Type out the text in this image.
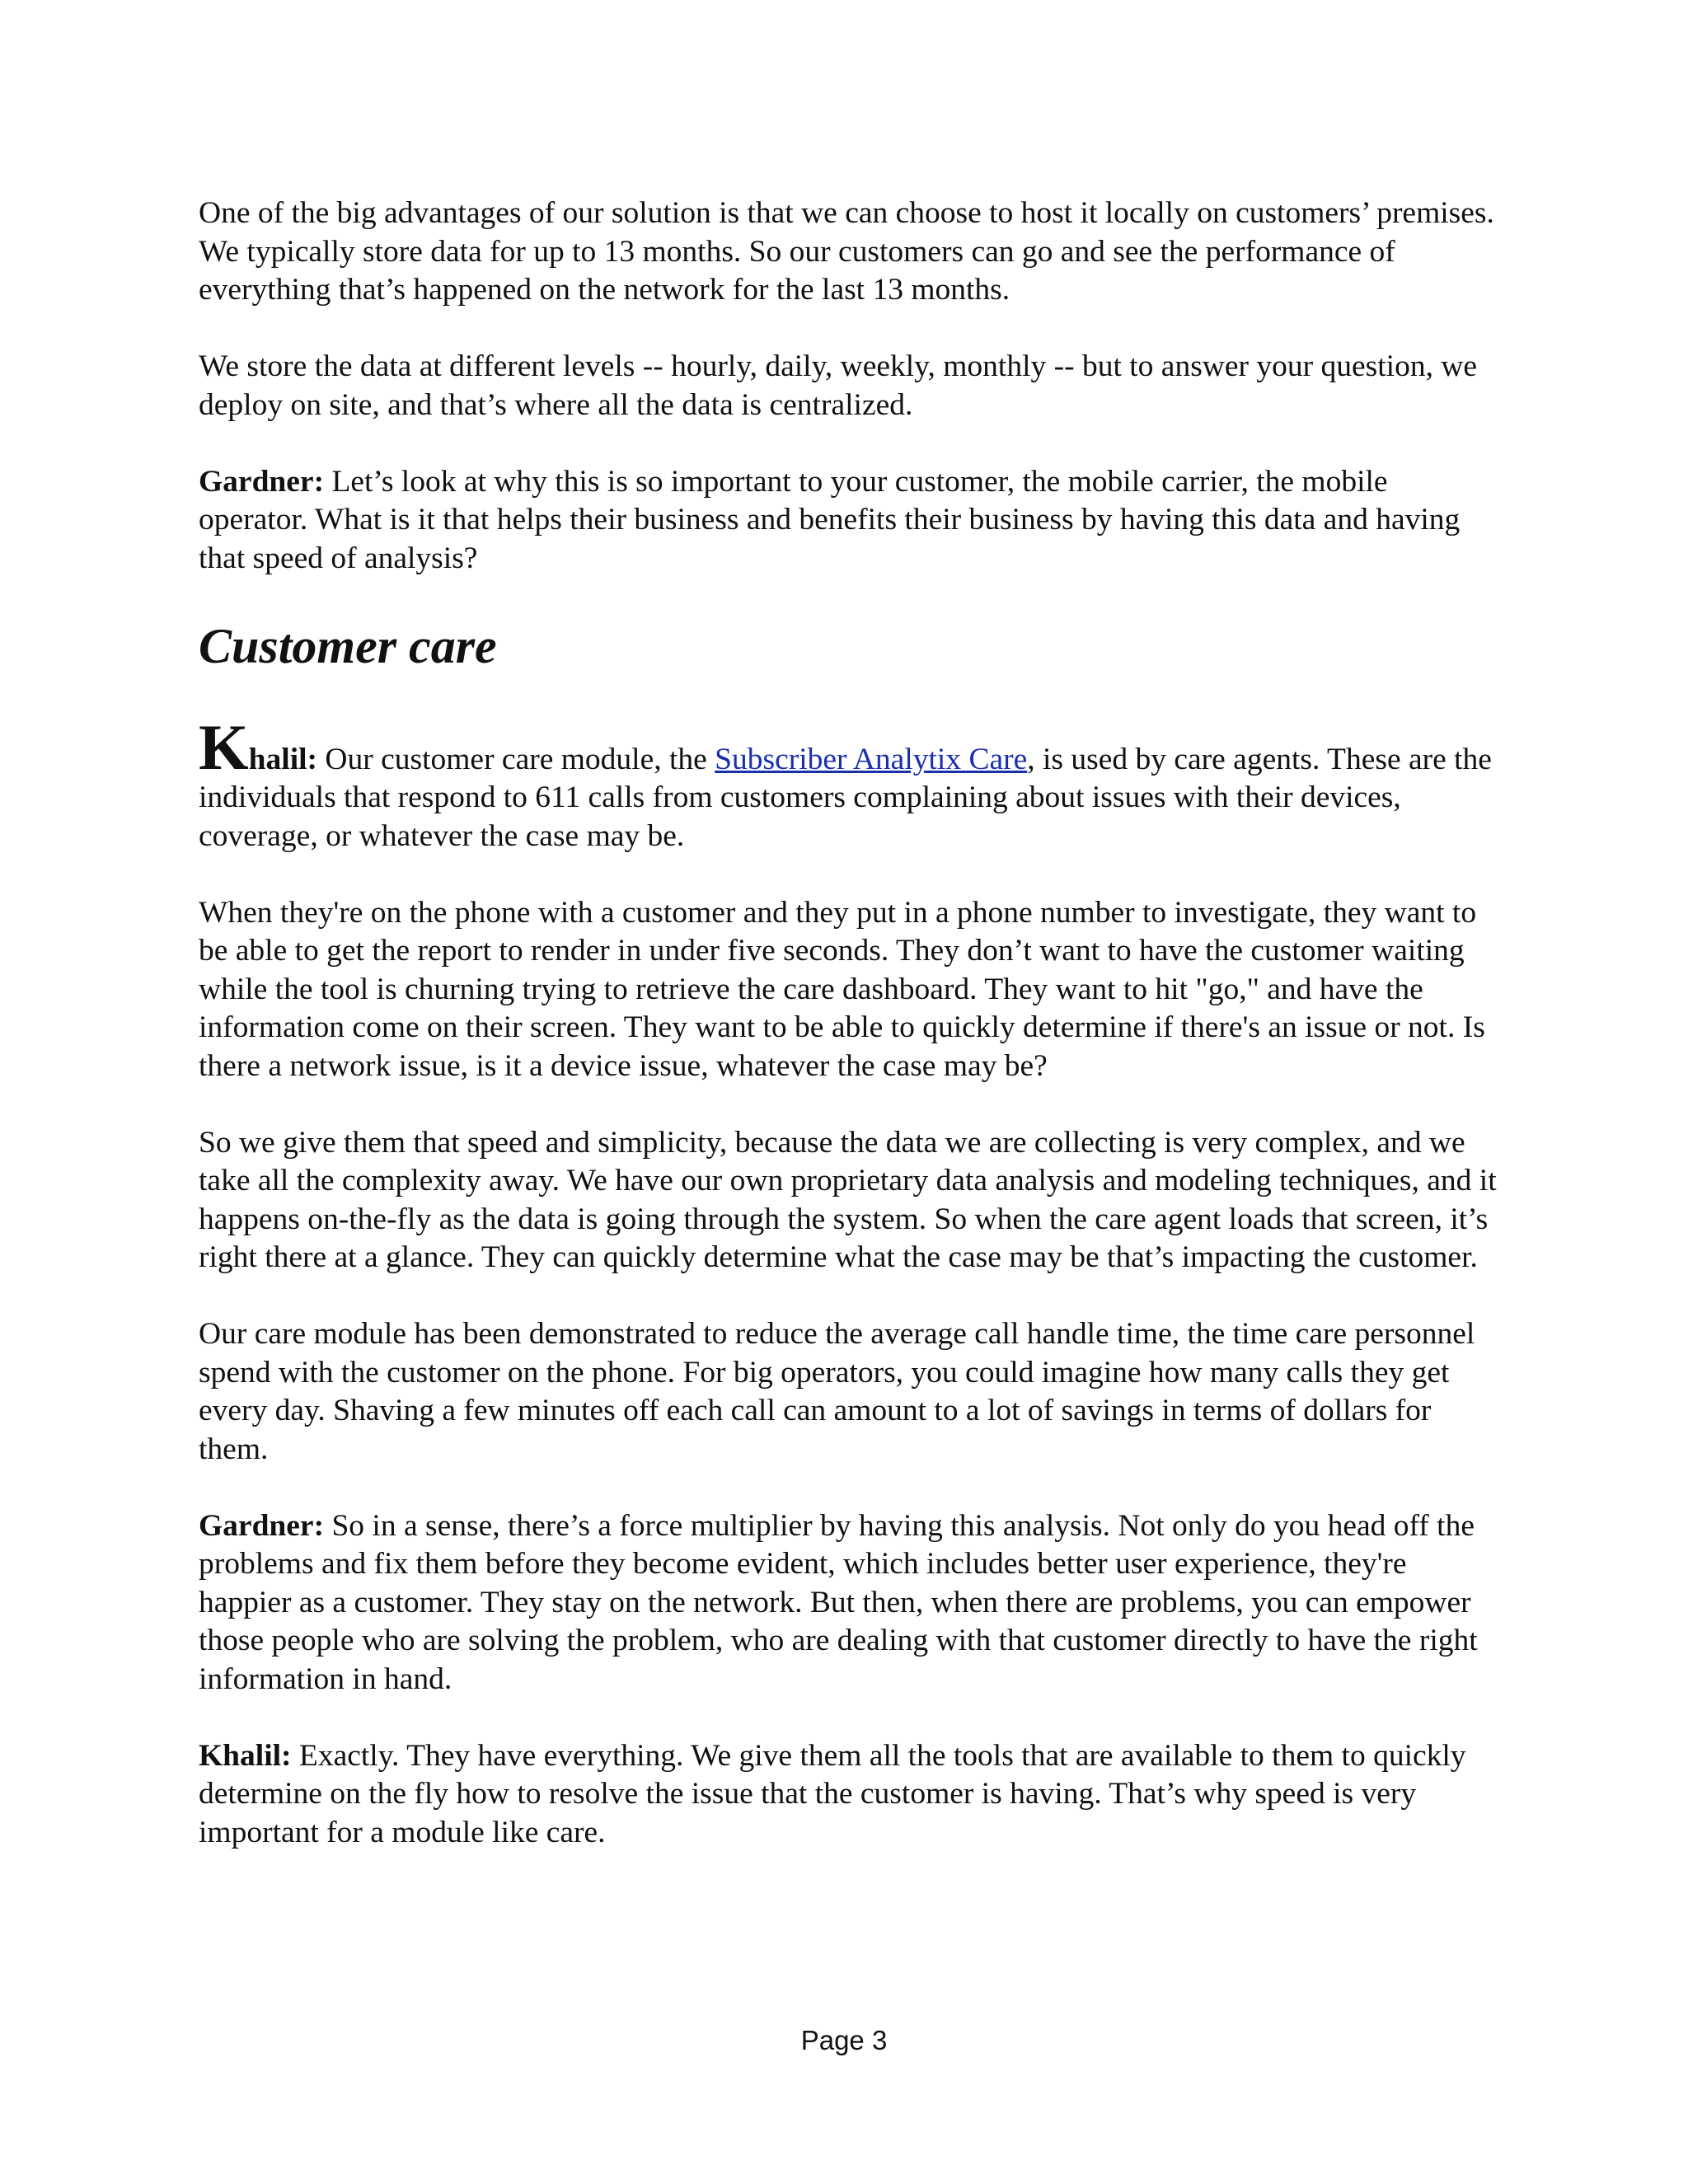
One of the big advantages of our solution is that we can choose to host it locally on customers’ premises. We typically store data for up to 13 months. So our customers can go and see the performance of everything that’s happened on the network for the last 13 months.

We store the data at different levels -- hourly, daily, weekly, monthly -- but to answer your question, we deploy on site, and that’s where all the data is centralized.

Gardner: Let’s look at why this is so important to your customer, the mobile carrier, the mobile operator. What is it that helps their business and benefits their business by having this data and having that speed of analysis?

Customer care

Khalil: Our customer care module, the Subscriber Analytix Care, is used by care agents. These are the individuals that respond to 611 calls from customers complaining about issues with their devices, coverage, or whatever the case may be.

When they're on the phone with a customer and they put in a phone number to investigate, they want to be able to get the report to render in under five seconds. They don’t want to have the customer waiting while the tool is churning trying to retrieve the care dashboard. They want to hit "go," and have the information come on their screen. They want to be able to quickly determine if there's an issue or not. Is there a network issue, is it a device issue, whatever the case may be?

So we give them that speed and simplicity, because the data we are collecting is very complex, and we take all the complexity away. We have our own proprietary data analysis and modeling techniques, and it happens on-the-fly as the data is going through the system. So when the care agent loads that screen, it’s right there at a glance. They can quickly determine what the case may be that’s impacting the customer.

Our care module has been demonstrated to reduce the average call handle time, the time care personnel spend with the customer on the phone. For big operators, you could imagine how many calls they get every day. Shaving a few minutes off each call can amount to a lot of savings in terms of dollars for them.

Gardner: So in a sense, there’s a force multiplier by having this analysis. Not only do you head off the problems and fix them before they become evident, which includes better user experience, they're happier as a customer. They stay on the network. But then, when there are problems, you can empower those people who are solving the problem, who are dealing with that customer directly to have the right information in hand.

Khalil: Exactly. They have everything. We give them all the tools that are available to them to quickly determine on the fly how to resolve the issue that the customer is having. That’s why speed is very important for a module like care.

Page 3
